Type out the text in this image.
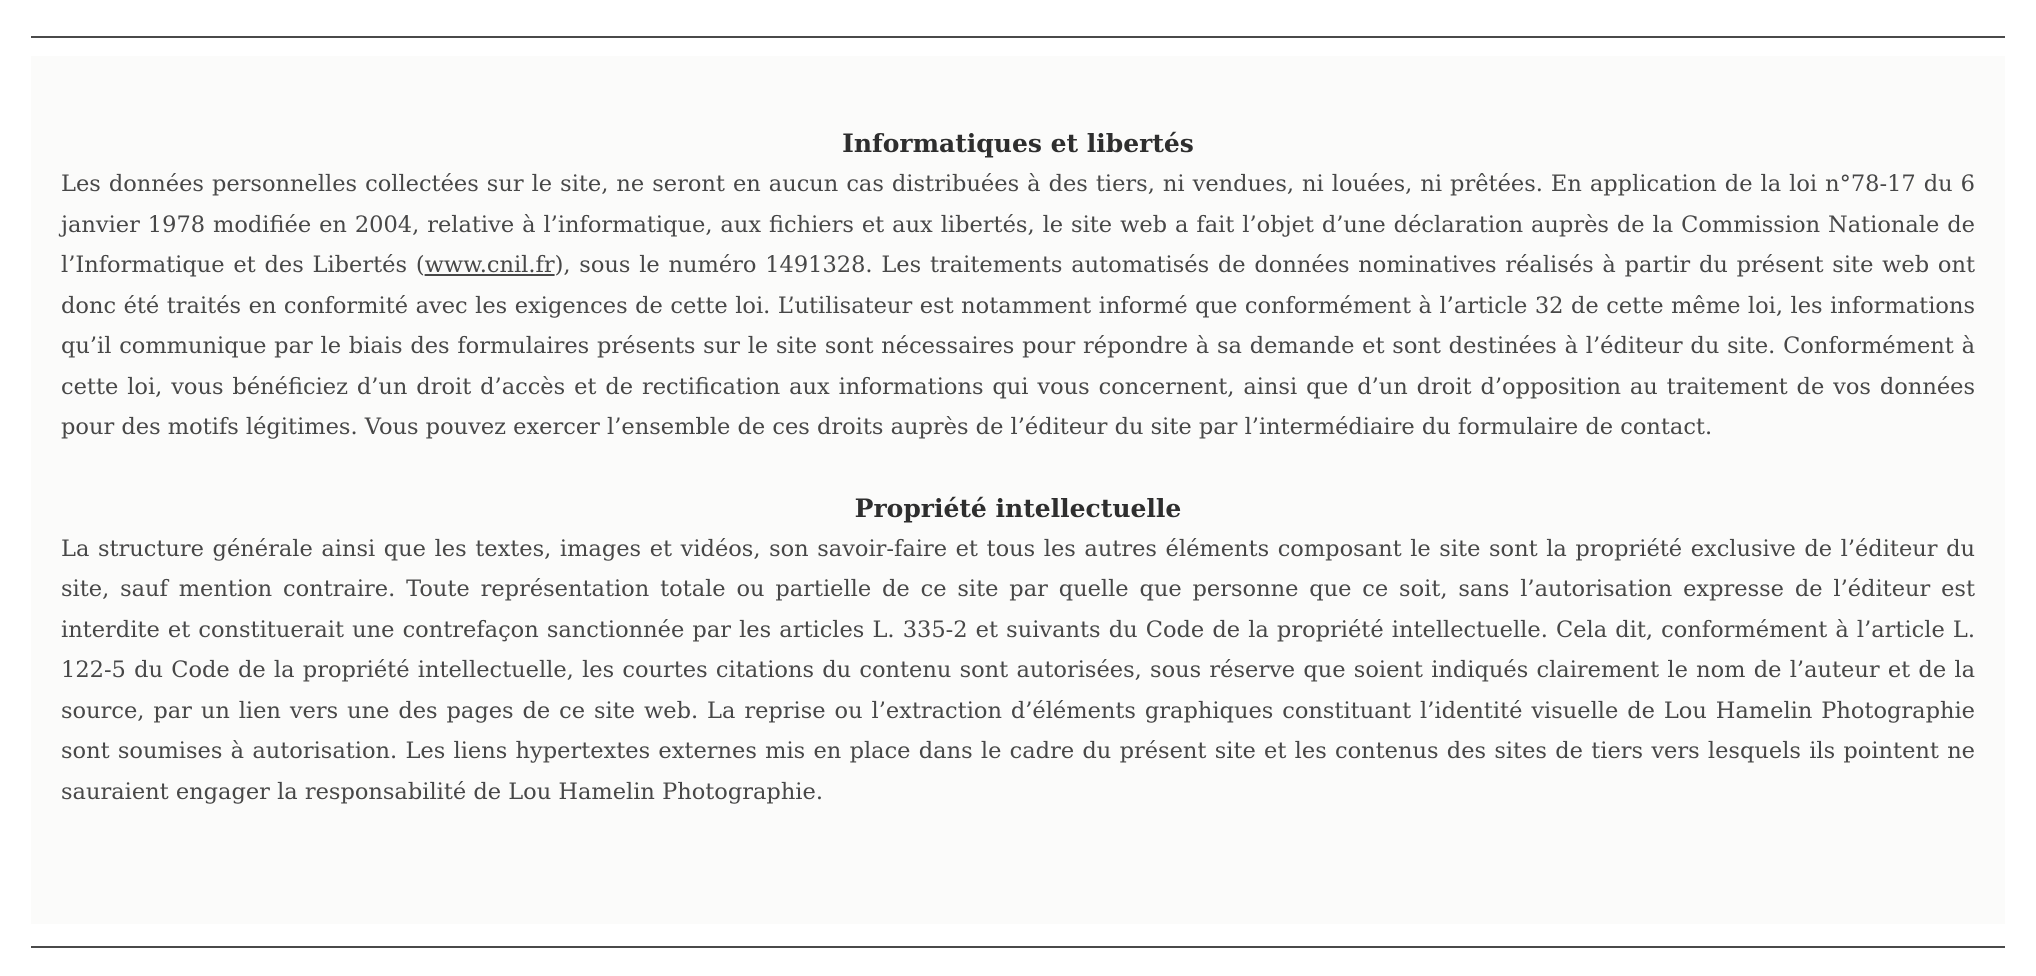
Informatiques et libertés

Les données personnelles collectées sur le site, ne seront en aucun cas distribuées à des tiers, ni vendues, ni louées, ni prêtées. En application de la loi n°78-17 du 6 janvier 1978 modifiée en 2004, relative à l’informatique, aux fichiers et aux libertés, le site web a fait l’objet d’une déclaration auprès de la Commission Nationale de l’Informatique et des Libertés (www.cnil.fr), sous le numéro 1491328. Les traitements automatisés de données nominatives réalisés à partir du présent site web ont donc été traités en conformité avec les exigences de cette loi. L’utilisateur est notamment informé que conformément à l’article 32 de cette même loi, les informations qu’il communique par le biais des formulaires présents sur le site sont nécessaires pour répondre à sa demande et sont destinées à l’éditeur du site. Conformément à cette loi, vous bénéficiez d’un droit d’accès et de rectification aux informations qui vous concernent, ainsi que d’un droit d’opposition au traitement de vos données pour des motifs légitimes. Vous pouvez exercer l’ensemble de ces droits auprès de l’éditeur du site par l’intermédiaire du formulaire de contact.

Propriété intellectuelle

La structure générale ainsi que les textes, images et vidéos, son savoir-faire et tous les autres éléments composant le site sont la propriété exclusive de l’éditeur du site, sauf mention contraire. Toute représentation totale ou partielle de ce site par quelle que personne que ce soit, sans l’autorisation expresse de l’éditeur est interdite et constituerait une contrefaçon sanctionnée par les articles L. 335-2 et suivants du Code de la propriété intellectuelle. Cela dit, conformément à l’article L. 122-5 du Code de la propriété intellectuelle, les courtes citations du contenu sont autorisées, sous réserve que soient indiqués clairement le nom de l’auteur et de la source, par un lien vers une des pages de ce site web. La reprise ou l’extraction d’éléments graphiques constituant l’identité visuelle de Lou Hamelin Photographie sont soumises à autorisation. Les liens hypertextes externes mis en place dans le cadre du présent site et les contenus des sites de tiers vers lesquels ils pointent ne sauraient engager la responsabilité de Lou Hamelin Photographie.
